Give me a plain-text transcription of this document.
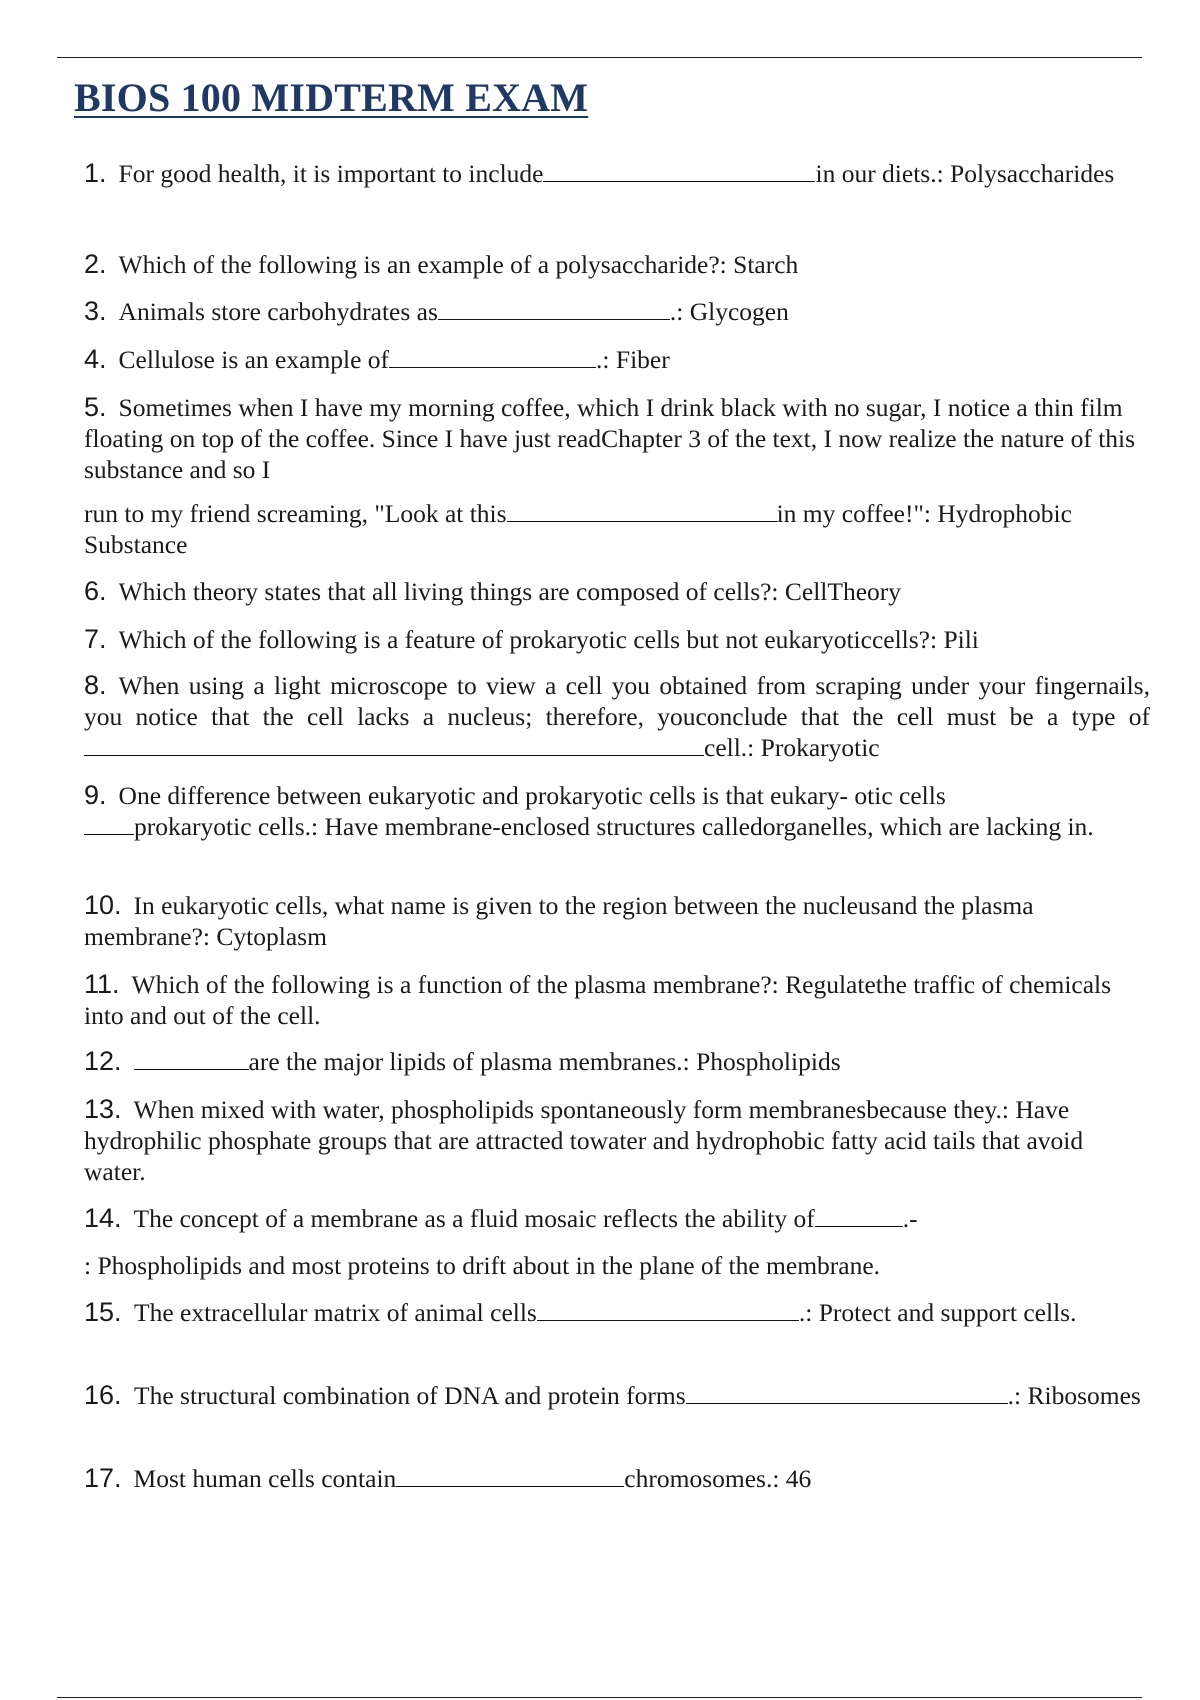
BIOS 100 MIDTERM EXAM
1. For good health, it is important to include	in our diets.: Polysaccharides
2. Which of the following is an example of a polysaccharide?: Starch
3. Animals store carbohydrates as	.: Glycogen
4. Cellulose is an example of	.: Fiber
5. Sometimes when I have my morning coffee, which I drink black with no sugar, I notice a thin film floating on top of the coffee. Since I have just readChapter 3 of the text, I now realize the nature of this substance and so I
run to my friend screaming, "Look at this	in my coffee!": Hydrophobic Substance
6. Which theory states that all living things are composed of cells?: CellTheory
7. Which of the following is a feature of prokaryotic cells but not eukaryoticcells?: Pili
8. When using a light microscope to view a cell you obtained from scraping under your fingernails, you notice that the cell lacks a nucleus; therefore, youconclude that the cell must be a type ofcell.: Prokaryotic
9. One difference between eukaryotic and prokaryotic cells is that eukary- otic cells
prokaryotic cells.: Have membrane-enclosed structures calledorganelles, which are lacking in.
10. In eukaryotic cells, what name is given to the region between the nucleusand the plasma membrane?: Cytoplasm
11. Which of the following is a function of the plasma membrane?: Regulatethe traffic of chemicals into and out of the cell.
12.	are the major lipids of plasma membranes.: Phospholipids
13. When mixed with water, phospholipids spontaneously form membranesbecause they.: Have hydrophilic phosphate groups that are attracted towater and hydrophobic fatty acid tails that avoid water.
14. The concept of a membrane as a fluid mosaic reflects the ability of	.-
: Phospholipids and most proteins to drift about in the plane of the membrane.
15. The extracellular matrix of animal cells	.: Protect and support cells.
16. The structural combination of DNA and protein forms	.: Ribosomes
17. Most human cells contain	chromosomes.: 46
